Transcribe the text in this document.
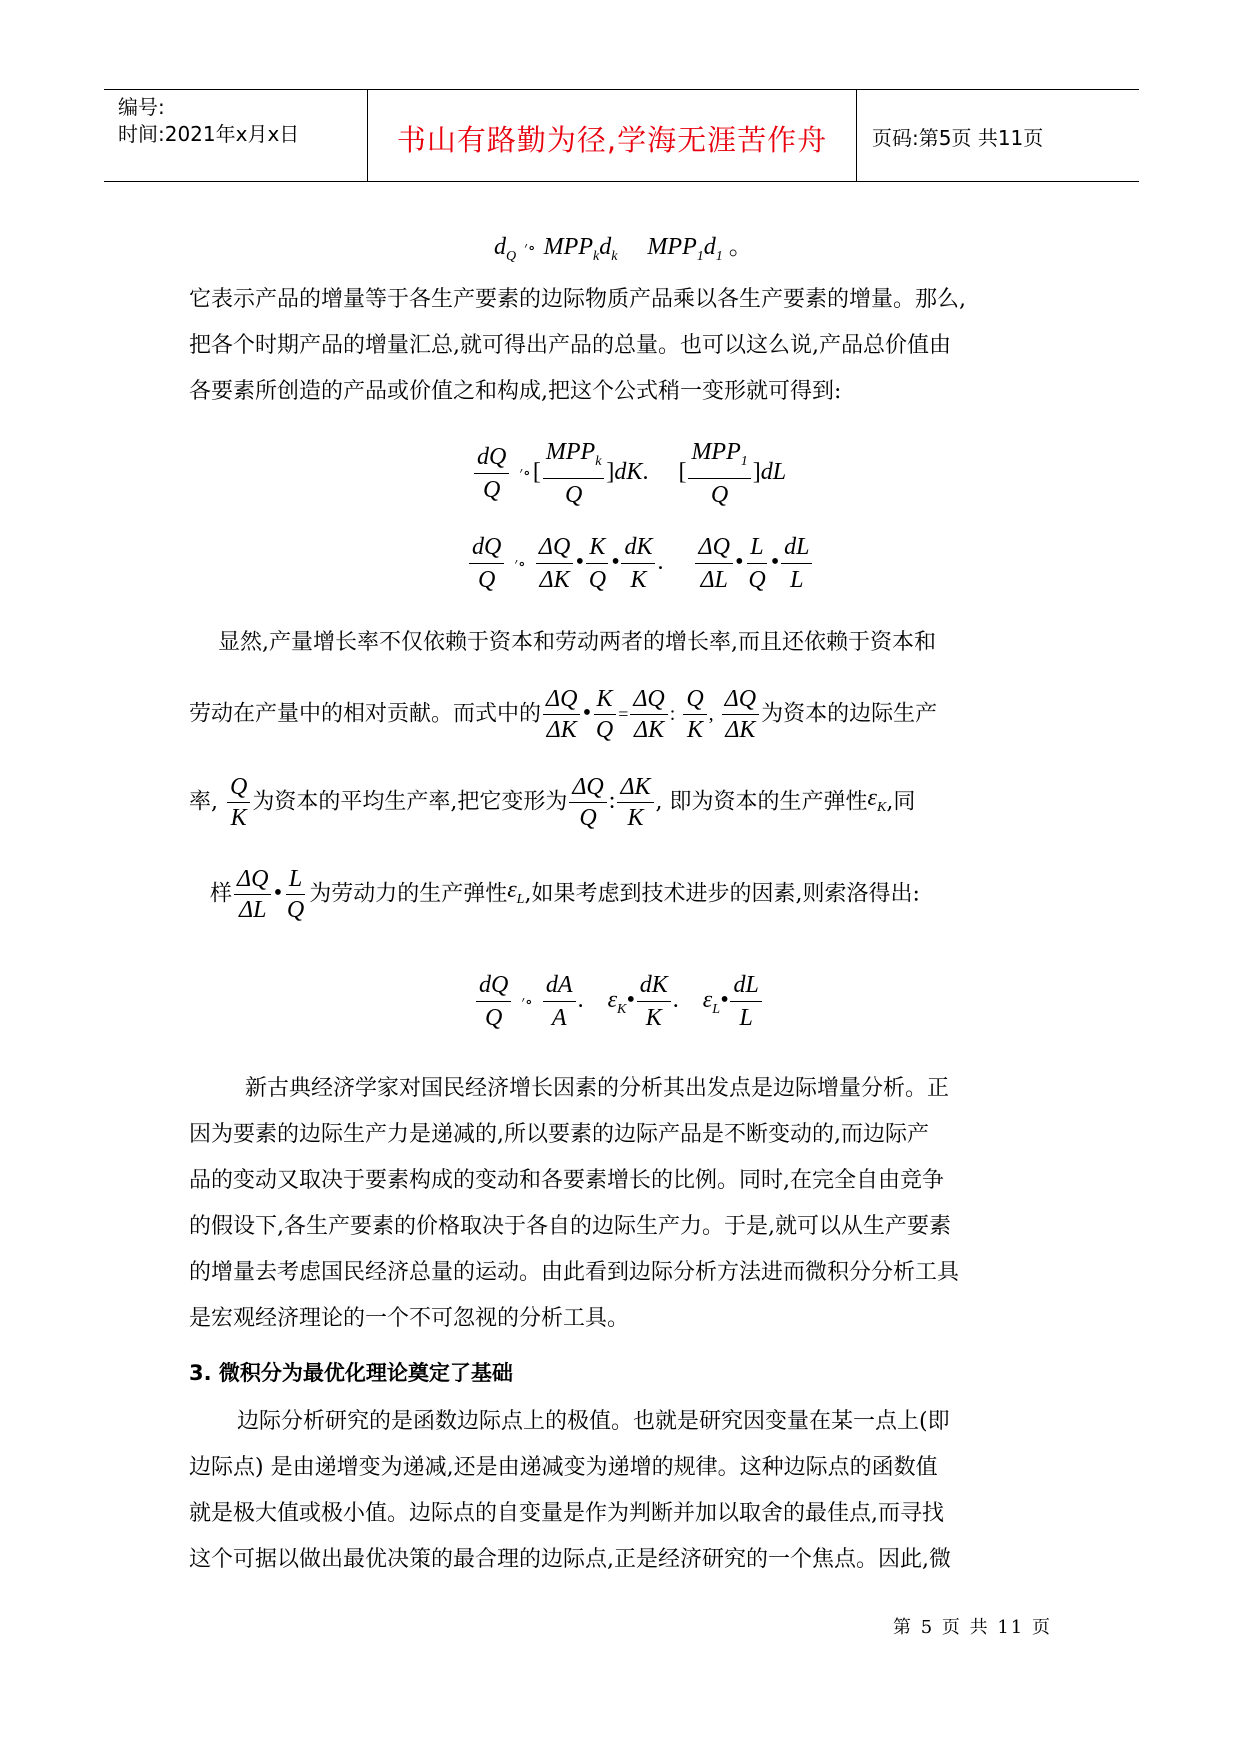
编号:
时间:2021年x月x日	书山有路勤为径,学海无涯苦作舟	页码:第5页 共11页
$d_Q$ ׳∘ $MPP_kd_k$ $MPP_1d_1$ 。
它表示产品的增量等于各生产要素的边际物质产品乘以各生产要素的增量。那么,
把各个时期产品的增量汇总,就可得出产品的总量。也可以这么说,产品总价值由
各要素所创造的产品或价值之和构成,把这个公式稍一变形就可得到:
$\frac{dQ}{Q}$ ׳∘[ $\frac{MPP_k}{Q} ]dK$. [ $\frac{MPP_1}{Q} ]dL$
$\frac{dQ}{Q}$ ׳∘ $\frac{\Delta Q}{\Delta K}$ • $\frac{K}{Q}$ • $\frac{dK}{K}$ . $\frac{\Delta Q}{\Delta L}$ • $\frac{L}{Q}$ • $\frac{dL}{L}$
显然,产量增长率不仅依赖于资本和劳动两者的增长率,而且还依赖于资本和
劳动在产量中的相对贡献。而式中的 $\frac{\Delta Q}{\Delta K}$ • $\frac{K}{Q} = \frac{\Delta Q}{\Delta K}$ : $\frac{Q}{K}$ , $\frac{\Delta Q}{\Delta K}$ 为资本的边际生产
率, $\frac{Q}{K}$ 为资本的平均生产率,把它变形为 $\frac{\Delta Q}{Q}$ : $\frac{\Delta K}{K}$ , 即为资本的生产弹性$\varepsilon_K$,同
样 $\frac{\Delta Q}{\Delta L}$ • $\frac{L}{Q}$ 为劳动力的生产弹性$\varepsilon_L$,如果考虑到技术进步的因素,则索洛得出:
$\frac{dQ}{Q}$ ׳∘ $\frac{dA}{A}$ . $\varepsilon_K• \frac{dK}{K}$ . $\varepsilon_L• \frac{dL}{L}$
新古典经济学家对国民经济增长因素的分析其出发点是边际增量分析。正
因为要素的边际生产力是递减的,所以要素的边际产品是不断变动的,而边际产
品的变动又取决于要素构成的变动和各要素增长的比例。同时,在完全自由竞争
的假设下,各生产要素的价格取决于各自的边际生产力。于是,就可以从生产要素
的增量去考虑国民经济总量的运动。由此看到边际分析方法进而微积分分析工具
是宏观经济理论的一个不可忽视的分析工具。
3. 微积分为最优化理论奠定了基础
边际分析研究的是函数边际点上的极值。也就是研究因变量在某一点上(即
边际点) 是由递增变为递减,还是由递减变为递增的规律。这种边际点的函数值
就是极大值或极小值。边际点的自变量是作为判断并加以取舍的最佳点,而寻找
这个可据以做出最优决策的最合理的边际点,正是经济研究的一个焦点。因此,微
第 5 页 共 11 页
